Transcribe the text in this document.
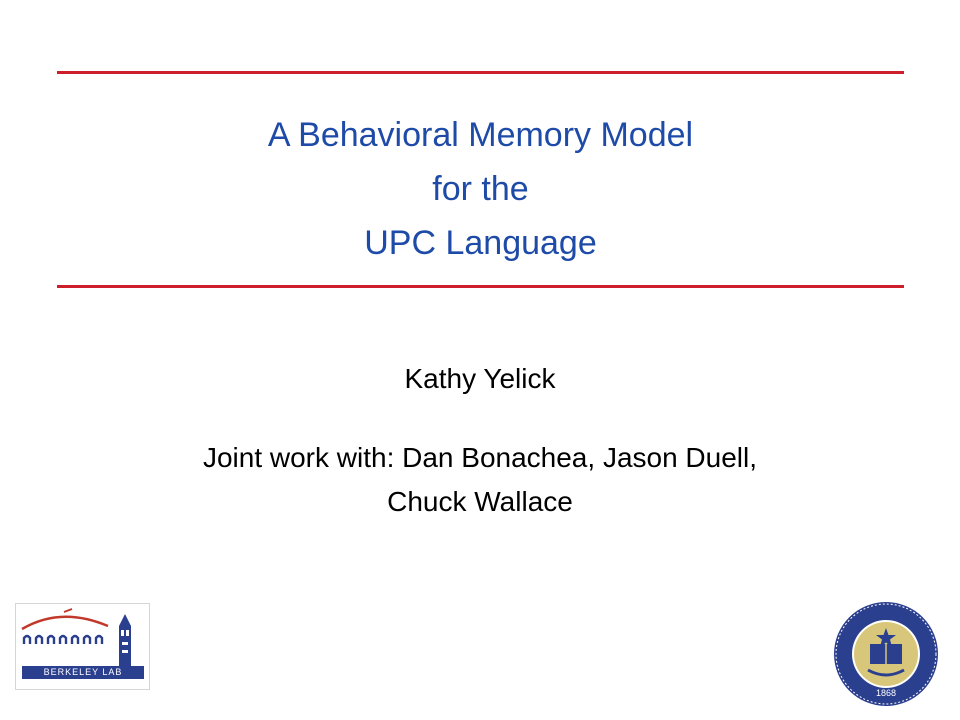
A Behavioral Memory Model
for the
UPC Language
Kathy Yelick
Joint work with: Dan Bonachea, Jason Duell,
Chuck Wallace
BERKELEY LAB
1868
